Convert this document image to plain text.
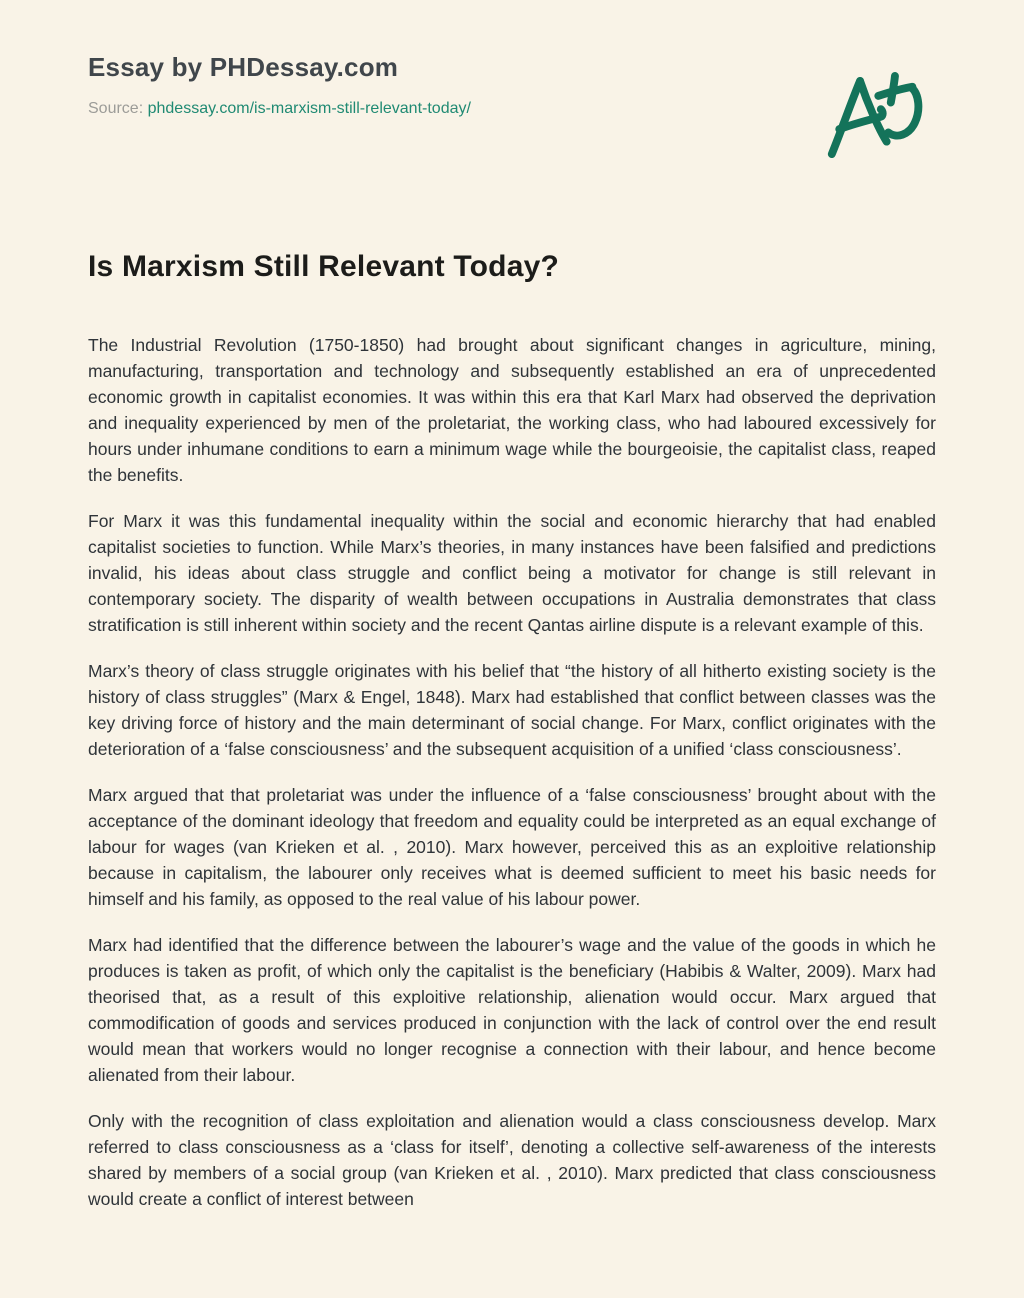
Essay by PHDessay.com
Source: phdessay.com/is-marxism-still-relevant-today/
Is Marxism Still Relevant Today?

The Industrial Revolution (1750-1850) had brought about significant changes in agriculture, mining, manufacturing, transportation and technology and subsequently established an era of unprecedented economic growth in capitalist economies. It was within this era that Karl Marx had observed the deprivation and inequality experienced by men of the proletariat, the working class, who had laboured excessively for hours under inhumane conditions to earn a minimum wage while the bourgeoisie, the capitalist class, reaped the benefits.

For Marx it was this fundamental inequality within the social and economic hierarchy that had enabled capitalist societies to function. While Marx’s theories, in many instances have been falsified and predictions invalid, his ideas about class struggle and conflict being a motivator for change is still relevant in contemporary society. The disparity of wealth between occupations in Australia demonstrates that class stratification is still inherent within society and the recent Qantas airline dispute is a relevant example of this.

Marx’s theory of class struggle originates with his belief that “the history of all hitherto existing society is the history of class struggles” (Marx & Engel, 1848). Marx had established that conflict between classes was the key driving force of history and the main determinant of social change. For Marx, conflict originates with the deterioration of a ‘false consciousness’ and the subsequent acquisition of a unified ‘class consciousness’.

Marx argued that that proletariat was under the influence of a ‘false consciousness’ brought about with the acceptance of the dominant ideology that freedom and equality could be interpreted as an equal exchange of labour for wages (van Krieken et al. , 2010). Marx however, perceived this as an exploitive relationship because in capitalism, the labourer only receives what is deemed sufficient to meet his basic needs for himself and his family, as opposed to the real value of his labour power.

Marx had identified that the difference between the labourer’s wage and the value of the goods in which he produces is taken as profit, of which only the capitalist is the beneficiary (Habibis & Walter, 2009). Marx had theorised that, as a result of this exploitive relationship, alienation would occur. Marx argued that commodification of goods and services produced in conjunction with the lack of control over the end result would mean that workers would no longer recognise a connection with their labour, and hence become alienated from their labour.

Only with the recognition of class exploitation and alienation would a class consciousness develop. Marx referred to class consciousness as a ‘class for itself’, denoting a collective self-awareness of the interests shared by members of a social group (van Krieken et al. , 2010). Marx predicted that class consciousness would create a conflict of interest between
